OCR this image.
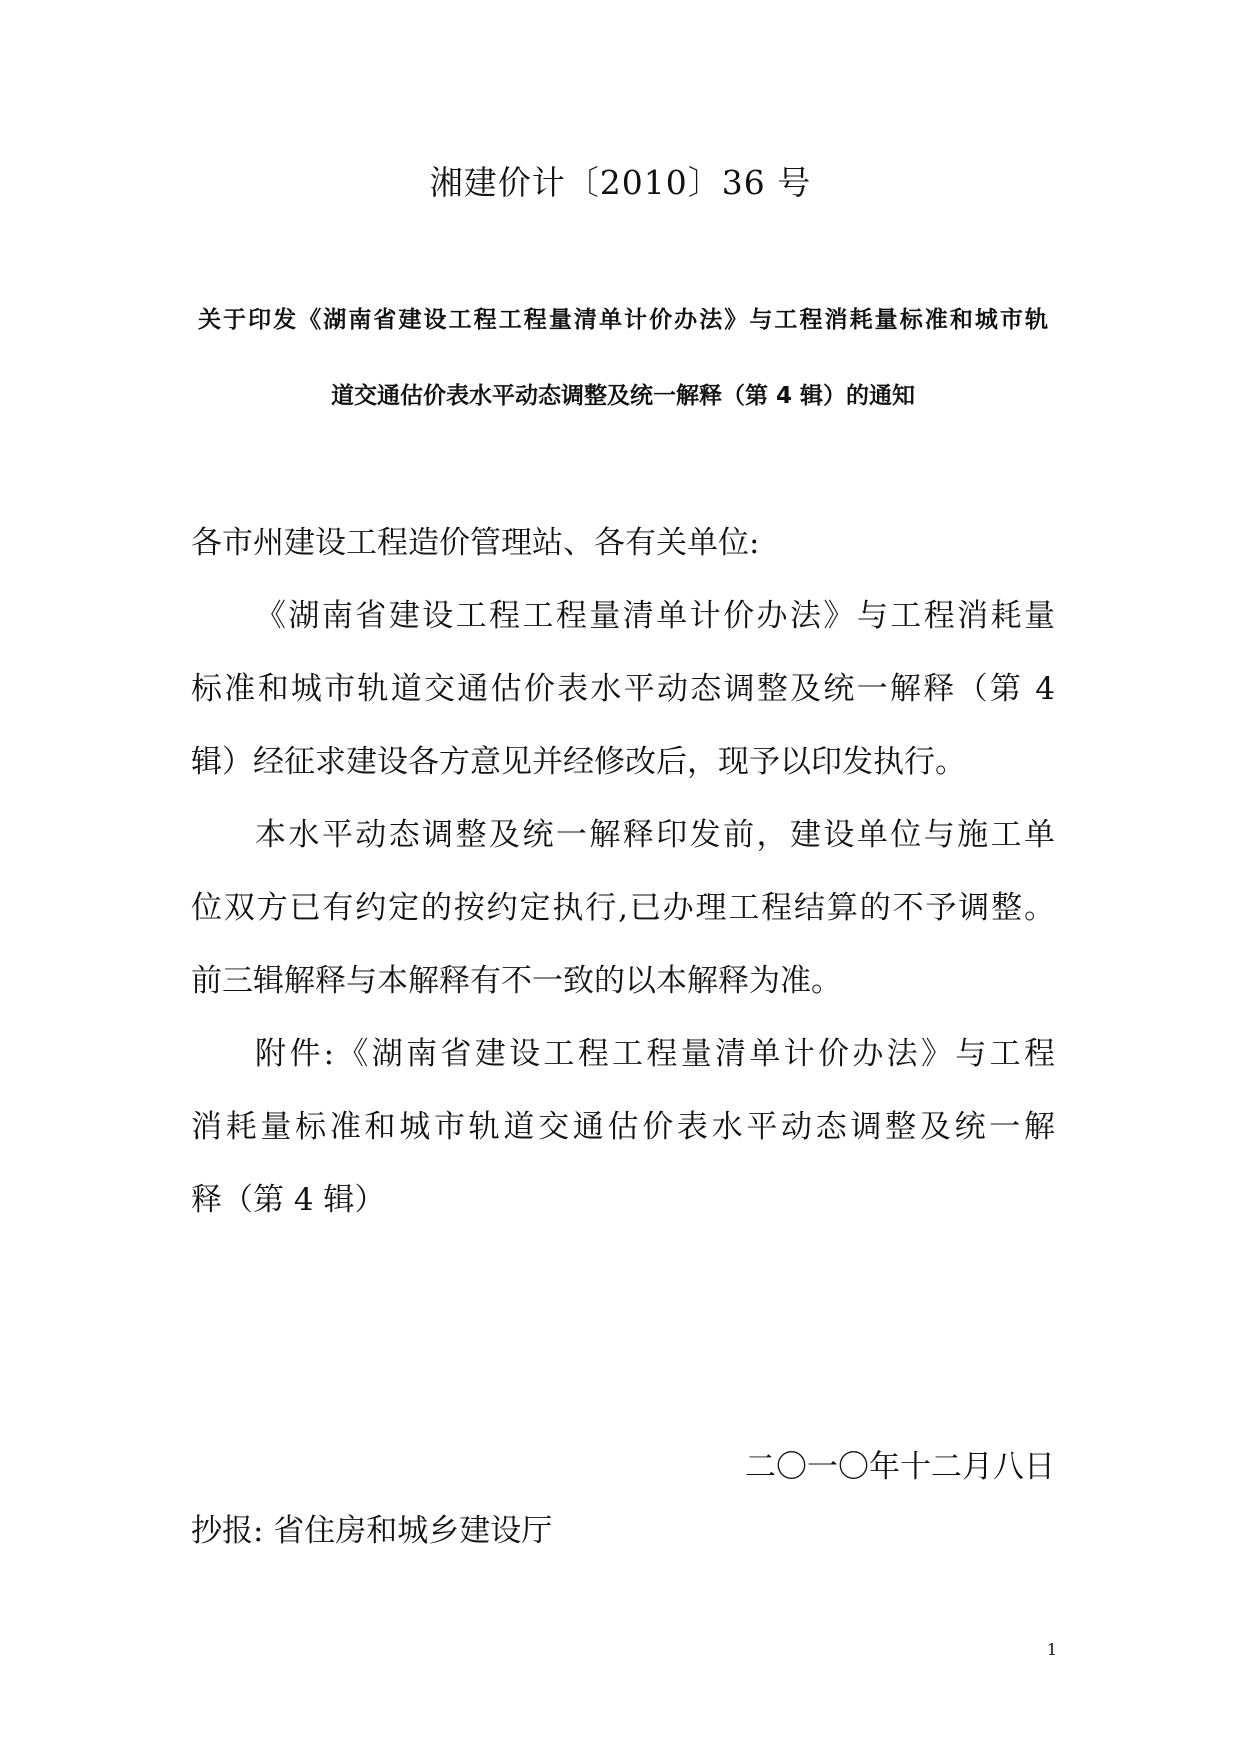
湘建价计〔2010〕36 号
关于印发《湖南省建设工程工程量清单计价办法》与工程消耗量标准和城市轨
道交通估价表水平动态调整及统一解释（第 4 辑）的通知
各市州建设工程造价管理站、各有关单位:
《湖南省建设工程工程量清单计价办法》与工程消耗量
标准和城市轨道交通估价表水平动态调整及统一解释（第 4
辑）经征求建设各方意见并经修改后，现予以印发执行。
本水平动态调整及统一解释印发前，建设单位与施工单
位双方已有约定的按约定执行,已办理工程结算的不予调整。
前三辑解释与本解释有不一致的以本解释为准。
附件:《湖南省建设工程工程量清单计价办法》与工程
消耗量标准和城市轨道交通估价表水平动态调整及统一解
释（第 4 辑）
二〇一〇年十二月八日
抄报: 省住房和城乡建设厅
1
